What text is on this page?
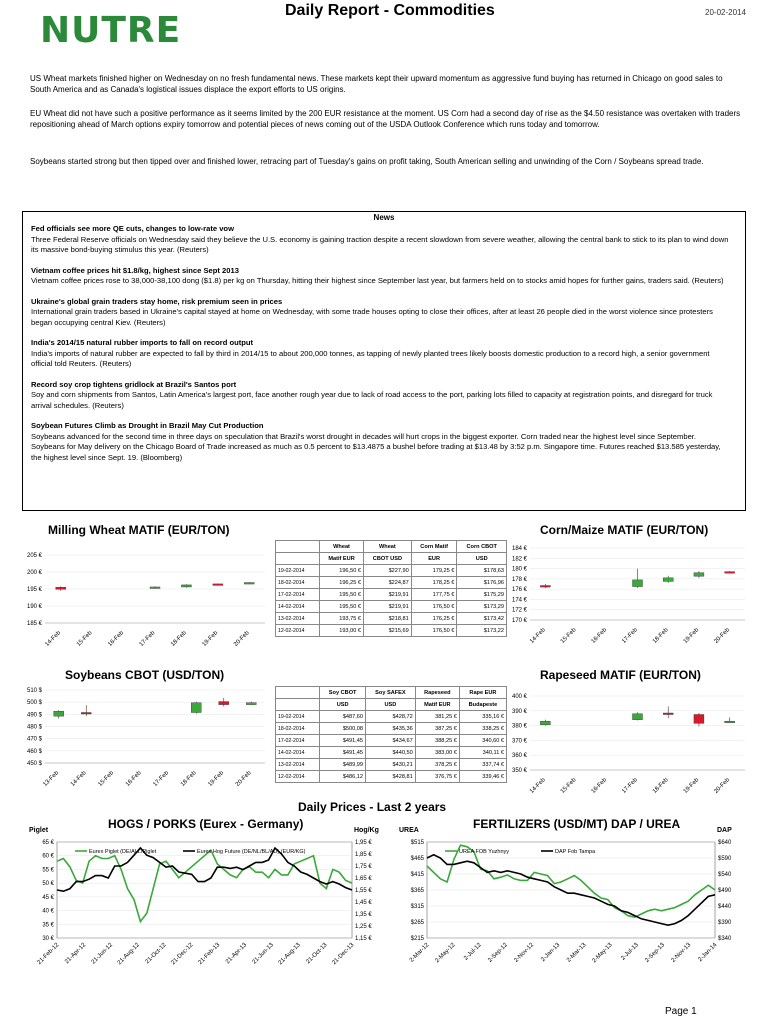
NUTRE	Daily Report - Commodities	20-02-2014
US Wheat markets finished higher on Wednesday on no fresh fundamental news. These markets kept their upward momentum as aggressive fund buying has returned in Chicago on good sales to South America and as Canada's logistical issues displace the export efforts to US origins.
EU Wheat did not have such a positive performance as it seems limited by the 200 EUR resistance at the moment. US Corn had a second day of rise as the $4.50 resistance was overtaken with traders repositioning ahead of March options expiry tomorrow and potential pieces of news coming out of the USDA Outlook Conference which runs today and tomorrow.
Soybeans started strong but then tipped over and finished lower, retracing part of Tuesday's gains on profit taking, South American selling and unwinding of the Corn / Soybeans spread trade.
News
Fed officials see more QE cuts, changes to low-rate vow
Three Federal Reserve officials on Wednesday said they believe the U.S. economy is gaining traction despite a recent slowdown from severe weather, allowing the central bank to stick to its plan to wind down its massive bond-buying stimulus this year. (Reuters)
Vietnam coffee prices hit $1.8/kg, highest since Sept 2013
Vietnam coffee prices rose to 38,000-38,100 dong ($1.8) per kg on Thursday, hitting their highest since September last year, but farmers held on to stocks amid hopes for further gains, traders said. (Reuters)
Ukraine's global grain traders stay home, risk premium seen in prices
International grain traders based in Ukraine's capital stayed at home on Wednesday, with some trade houses opting to close their offices, after at least 26 people died in the worst violence since protesters began occupying central Kiev. (Reuters)
India's 2014/15 natural rubber imports to fall on record output
India's imports of natural rubber are expected to fall by third in 2014/15 to about 200,000 tonnes, as tapping of newly planted trees likely boosts domestic production to a record high, a senior government official told Reuters. (Reuters)
Record soy crop tightens gridlock at Brazil's Santos port
Soy and corn shipments from Santos, Latin America's largest port, face another rough year due to lack of road access to the port, parking lots filled to capacity at registration points, and disregard for truck arrival schedules. (Reuters)
Soybean Futures Climb as Drought in Brazil May Cut Production
Soybeans advanced for the second time in three days on speculation that Brazil's worst drought in decades will hurt crops in the biggest exporter. Corn traded near the highest level since September.
Soybeans for May delivery on the Chicago Board of Trade increased as much as 0.5 percent to $13.4875 a bushel before trading at $13.48 by 3:52 p.m. Singapore time. Futures reached $13.585 yesterday, the highest level since Sept. 19. (Bloomberg)
Milling Wheat MATIF (EUR/TON)	Corn/Maize MATIF (EUR/TON)
Soybeans CBOT (USD/TON)	Rapeseed MATIF (EUR/TON)
185 €
190 €
195 €
200 €
205 €
14-Feb 15-Feb 16-Feb 17-Feb 18-Feb 19-Feb 20-Feb
170 €
172 €
174 €
176 €
178 €
180 €
182 €
184 €
14-Feb 15-Feb 16-Feb 17-Feb 18-Feb 19-Feb 20-Feb
450 $
460 $
470 $
480 $
490 $
500 $
510 $
13-Feb 14-Feb 15-Feb 16-Feb 17-Feb 18-Feb 19-Feb 20-Feb	350 €
360 €
370 €
380 €
390 €
400 €
14-Feb 15-Feb 16-Feb 17-Feb 18-Feb 19-Feb 20-Feb
	Wheat	Wheat	Corn Matif	Corn CBOT
	Matif EUR	CBOT USD	EUR	USD
19-02-2014	196,50 €	$227,90	179,25 €	$178,63
18-02-2014	196,25 €	$224,87	178,25 €	$176,96
17-02-2014	195,50 €	$219,91	177,75 €	$175,29
14-02-2014	195,50 €	$219,91	176,50 €	$173,29
13-02-2014	193,75 €	$218,81	176,25 €	$173,42
12-02-2014	193,00 €	$215,69	176,50 €	$173,22
	Soy CBOT	Soy SAFEX	Rapeseed	Rape EUR
	USD	USD	Matif EUR	Budapeste
19-02-2014	$487,60	$428,72	381,25 €	335,16 €
18-02-2014	$500,08	$435,36	387,25 €	338,25 €
17-02-2014	$491,45	$434,67	388,25 €	340,60 €
14-02-2014	$491,45	$440,50	383,00 €	340,11 €
13-02-2014	$489,99	$430,21	378,25 €	337,74 €
12-02-2014	$486,12	$428,81	376,75 €	339,46 €
Daily Prices - Last 2 years
HOGS / PORKS (Eurex - Germany)	FERTILIZERS (USD/MT) DAP / UREA
Piglet	Hog/Kg
30 €
35 €
40 €
45 €
50 €
55 €
60 €
65 €
1,15 €
1,25 €
1,35 €
1,45 €
1,55 €
1,65 €
1,75 €
1,85 €
1,95 €
21-Feb-12 21-Apr-12 21-Jun-12 21-Aug-12 21-Oct-12 21-Dec-12 21-Feb-13 21-Apr-13 21-Jun-13 21-Aug-13 21-Oct-13 21-Dec-13
Eurex Piglet (DE/ALL/Piglet	Eurex Hog Future (DE/NL/BL/AU) (EUR/KG)
UREA	DAP
$215
$265
$315
$365
$415
$465
$515
$340
$390
$440
$490
$540
$590
$640
2-Mar-12 2-May-12 2-Jul-12 2-Sep-12 2-Nov-12 2-Jan-13 2-Mar-13 2-May-13 2-Jul-13 2-Sep-13 2-Nov-13 2-Jan-14
UREA FOB Yuzhnyy	DAP Fob Tampa
Page 1
